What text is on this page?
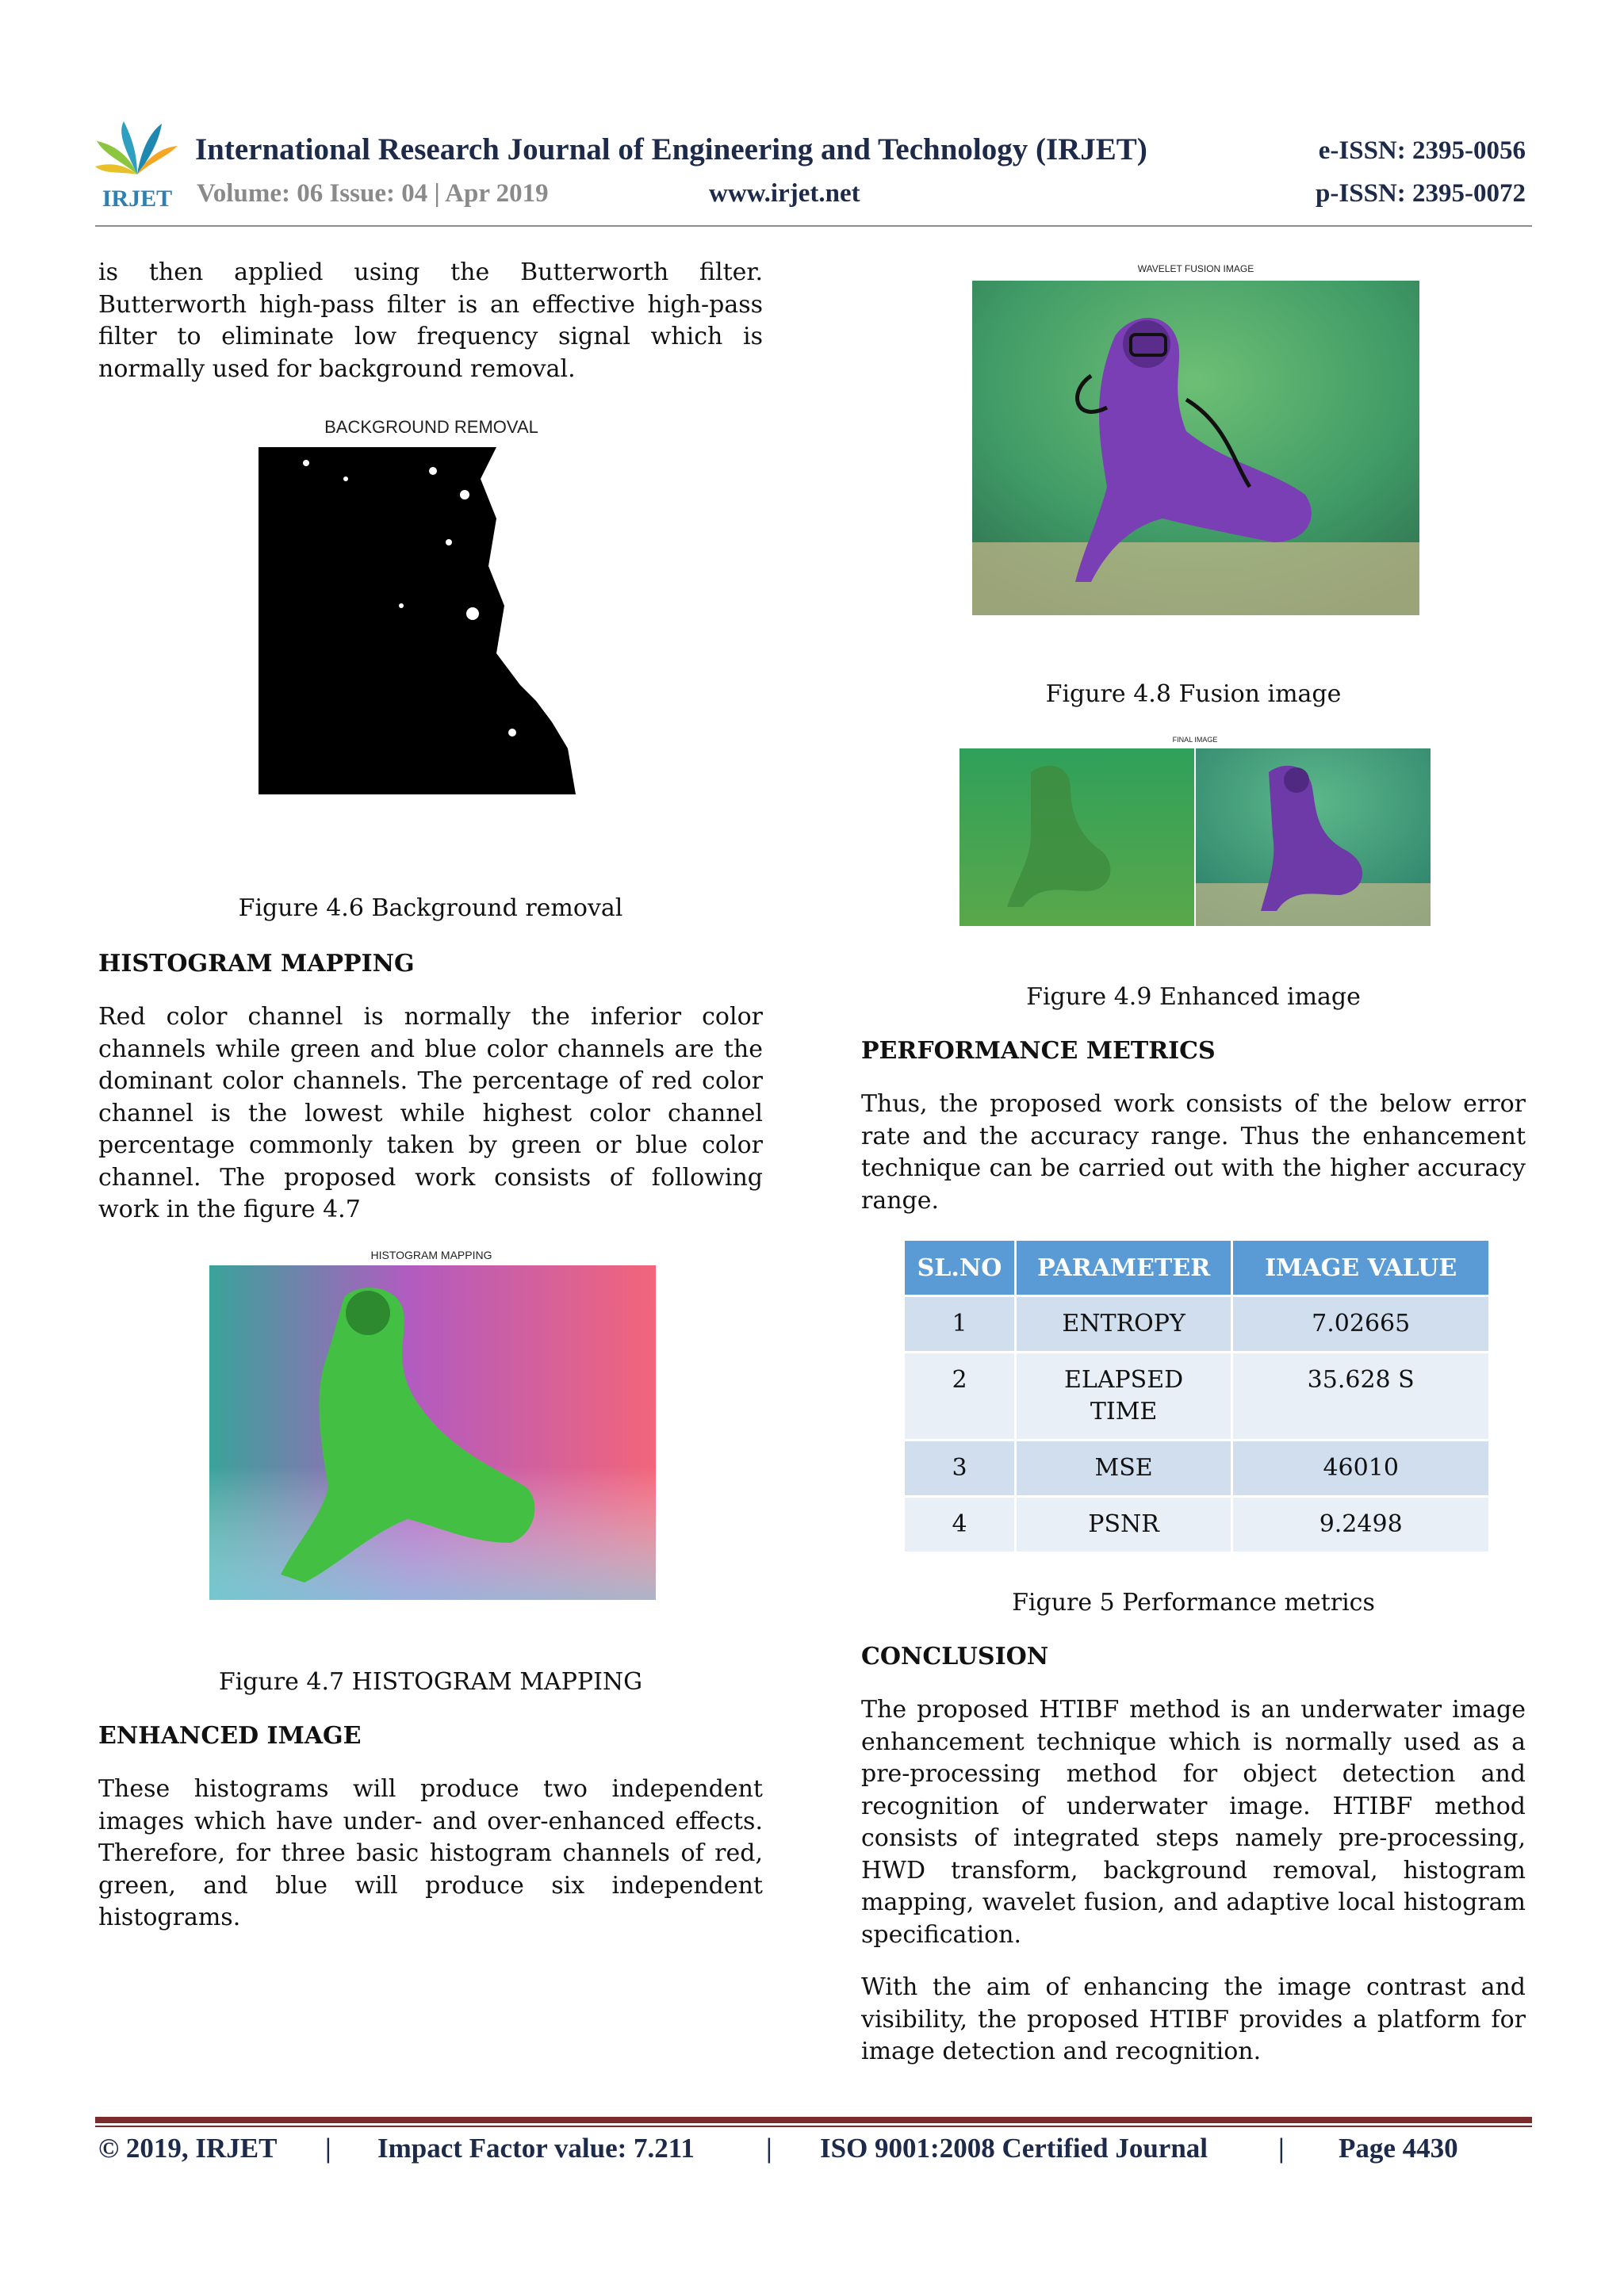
IRJET
International Research Journal of Engineering and Technology (IRJET)	e-ISSN: 2395-0056
Volume: 06 Issue: 04 | Apr 2019	www.irjet.net	p-ISSN: 2395-0072
is then applied using the Butterworth filter. Butterworth high-pass filter is an effective high-pass filter to eliminate low frequency signal which is normally used for background removal.
BACKGROUND REMOVAL
Figure 4.6 Background removal
HISTOGRAM MAPPING
Red color channel is normally the inferior color channels while green and blue color channels are the dominant color channels. The percentage of red color channel is the lowest while highest color channel percentage commonly taken by green or blue color channel. The proposed work consists of following work in the figure 4.7
HISTOGRAM MAPPING
Figure 4.7 HISTOGRAM MAPPING
ENHANCED IMAGE
These histograms will produce two independent images which have under- and over-enhanced effects. Therefore, for three basic histogram channels of red, green, and blue will produce six independent histograms.
WAVELET FUSION IMAGE
Figure 4.8 Fusion image
FINAL IMAGE
Figure 4.9 Enhanced image
PERFORMANCE METRICS
Thus, the proposed work consists of the below error rate and the accuracy range. Thus the enhancement technique can be carried out with the higher accuracy range.
SL.NO	PARAMETER	IMAGE VALUE
1	ENTROPY	7.02665
2	ELAPSED TIME	35.628 S
3	MSE	46010
4	PSNR	9.2498
Figure 5 Performance metrics
CONCLUSION
The proposed HTIBF method is an underwater image enhancement technique which is normally used as a pre-processing method for object detection and recognition of underwater image. HTIBF method consists of integrated steps namely pre-processing, HWD transform, background removal, histogram mapping, wavelet fusion, and adaptive local histogram specification.
With the aim of enhancing the image contrast and visibility, the proposed HTIBF provides a platform for image detection and recognition.
© 2019, IRJET | Impact Factor value: 7.211	| ISO 9001:2008 Certified Journal	| Page 4430
